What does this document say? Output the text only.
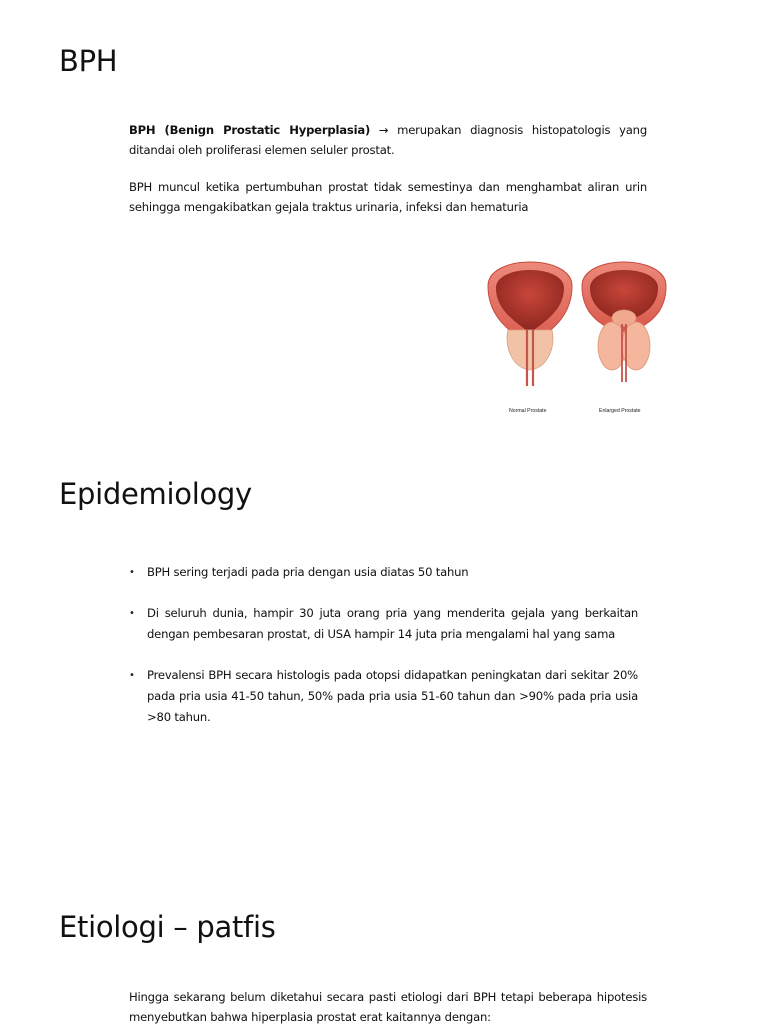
BPH

BPH (Benign Prostatic Hyperplasia) → merupakan diagnosis histopatologis yang ditandai oleh proliferasi elemen seluler prostat.

BPH muncul ketika pertumbuhan prostat tidak semestinya dan menghambat aliran urin sehingga mengakibatkan gejala traktus urinaria, infeksi dan hematuria

Normal Prostate	Enlarged Prostate
Epidemiology
• BPH sering terjadi pada pria dengan usia diatas 50 tahun
• Di seluruh dunia, hampir 30 juta orang pria yang menderita gejala yang berkaitan dengan pembesaran prostat, di USA hampir 14 juta pria mengalami hal yang sama
• Prevalensi BPH secara histologis pada otopsi didapatkan peningkatan dari sekitar 20% pada pria usia 41-50 tahun, 50% pada pria usia 51-60 tahun dan >90% pada pria usia >80 tahun.
Etiologi – patfis

Hingga sekarang belum diketahui secara pasti etiologi dari BPH tetapi beberapa hipotesis menyebutkan bahwa hiperplasia prostat erat kaitannya dengan:
